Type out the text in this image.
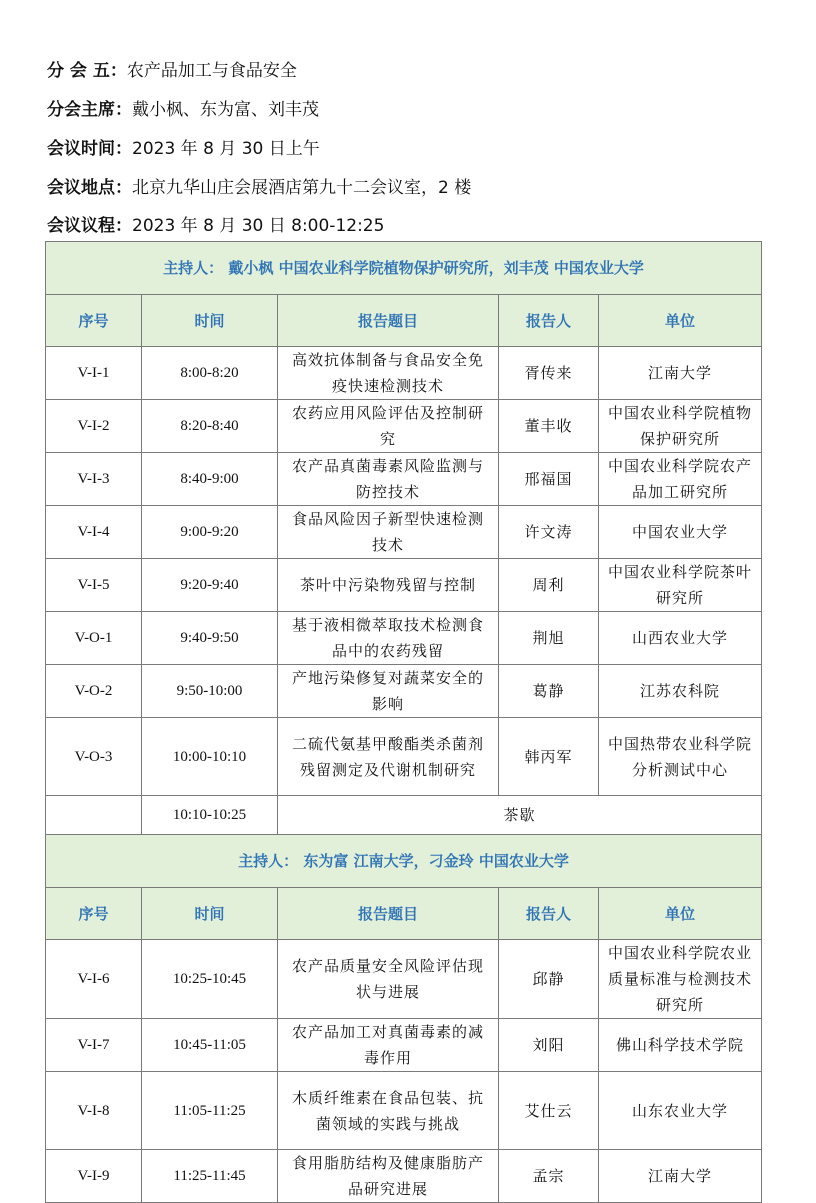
分 会 五：农产品加工与食品安全
分会主席：戴小枫、东为富、刘丰茂
会议时间：2023 年 8 月 30 日上午
会议地点：北京九华山庄会展酒店第九十二会议室，2 楼
会议议程：2023 年 8 月 30 日 8:00-12:25
主持人： 戴小枫 中国农业科学院植物保护研究所，刘丰茂 中国农业大学				
序号	时间	报告题目	报告人	单位
V-I-1	8:00-8:20	高效抗体制备与食品安全免疫快速检测技术	胥传来	江南大学
V-I-2	8:20-8:40	农药应用风险评估及控制研究	董丰收	中国农业科学院植物保护研究所
V-I-3	8:40-9:00	农产品真菌毒素风险监测与防控技术	邢福国	中国农业科学院农产品加工研究所
V-I-4	9:00-9:20	食品风险因子新型快速检测技术	许文涛	中国农业大学
V-I-5	9:20-9:40	茶叶中污染物残留与控制	周利	中国农业科学院茶叶研究所
V-O-1	9:40-9:50	基于液相微萃取技术检测食品中的农药残留	荆旭	山西农业大学
V-O-2	9:50-10:00	产地污染修复对蔬菜安全的影响	葛静	江苏农科院
V-O-3	10:00-10:10	二硫代氨基甲酸酯类杀菌剂残留测定及代谢机制研究	韩丙军	中国热带农业科学院分析测试中心
	10:10-10:25	茶歇		
主持人： 东为富 江南大学，刁金玲 中国农业大学				
序号	时间	报告题目	报告人	单位
V-I-6	10:25-10:45	农产品质量安全风险评估现状与进展	邱静	中国农业科学院农业质量标准与检测技术研究所
V-I-7	10:45-11:05	农产品加工对真菌毒素的减毒作用	刘阳	佛山科学技术学院
V-I-8	11:05-11:25	木质纤维素在食品包装、抗菌领域的实践与挑战	艾仕云	山东农业大学
V-I-9	11:25-11:45	食用脂肪结构及健康脂肪产品研究进展	孟宗	江南大学
